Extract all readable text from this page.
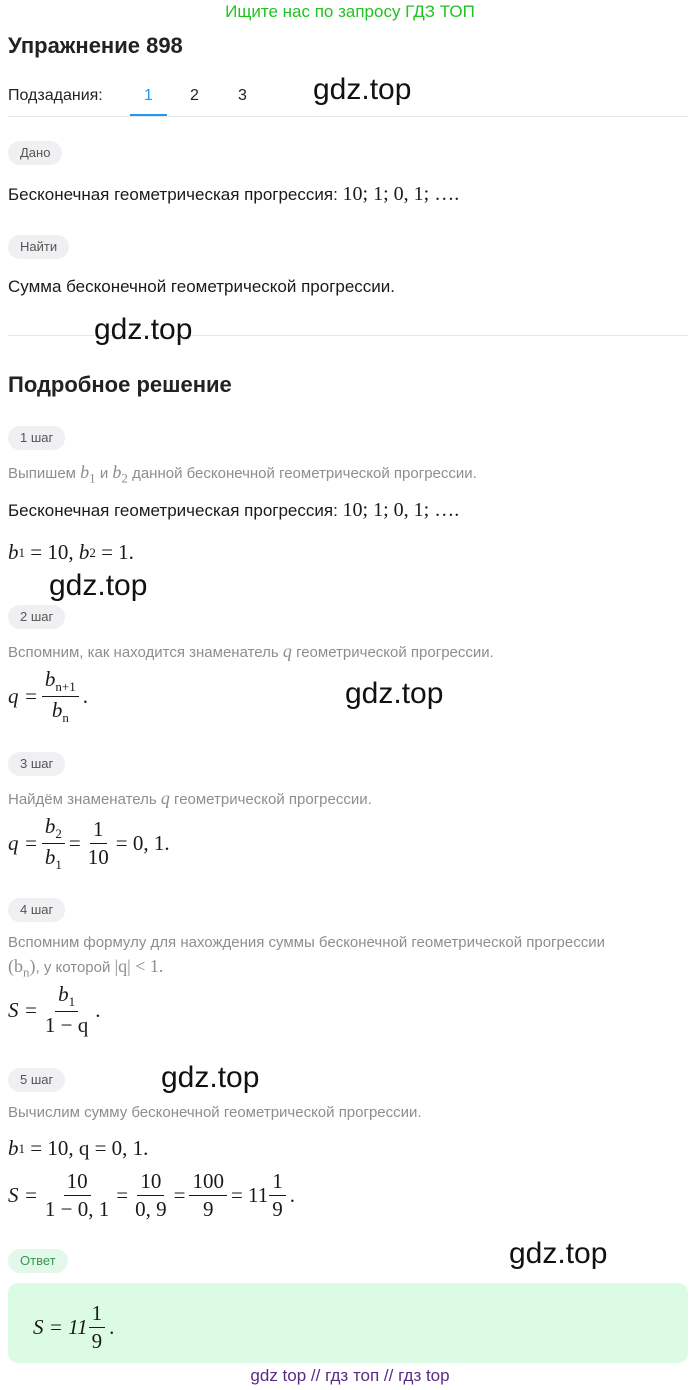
Ищите нас по запросу ГДЗ ТОП
Упражнение 898
Подзадания:	1 2 3 gdz.top
Дано
Бесконечная геометрическая прогрессия: 10; 1; 0, 1; ….
Найти
Сумма бесконечной геометрической прогрессии.
gdz.top
Подробное решение
1 шаг
Выпишем $b_1$ и $b_2$ данной бесконечной геометрической прогрессии.
Бесконечная геометрическая прогрессия: 10; 1; 0, 1; ….
b 1 = 10, b 2 = 1.
gdz.top
2 шаг
Вспомним, как находится знаменатель q геометрической прогрессии.
$q = \frac{b_{n+1}}{b_n}$ .	gdz.top
3 шаг
Найдём знаменатель q геометрической прогрессии.
$q = \frac{b_2}{b_1} = \frac{1}{10} = 0$, 1.
4 шаг
Вспомним формулу для нахождения суммы бесконечной геометрической прогрессии
$(b_n)$, у которой |q| < 1.
$S = \frac{b_1}{1 - q}$ .
5 шаг	gdz.top
Вычислим сумму бесконечной геометрической прогрессии.
b 1 = 10, q = 0, 1.
$S = \frac{10}{1 - 0, 1} = \frac{10}{0, 9} = \frac{100}{9}$ =
$11 \frac{1}{9}$ .
Ответ	gdz.top
$S = 11 \frac{1}{9}$ .
gdz top // гдз топ // гдз top
